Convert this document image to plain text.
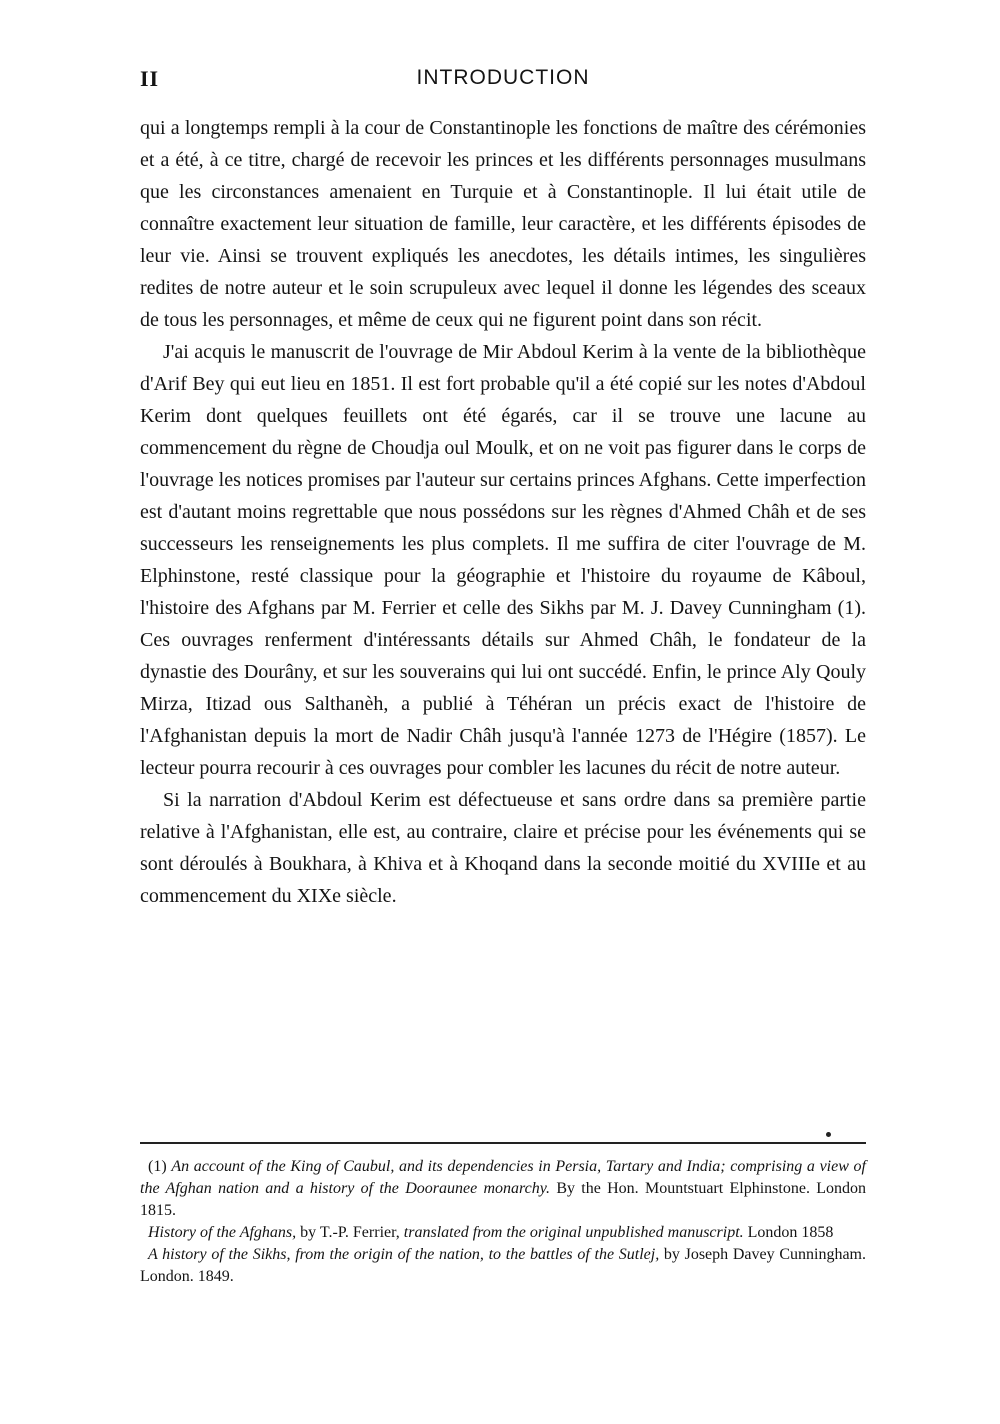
II	INTRODUCTION

qui a longtemps rempli à la cour de Constantinople les fonctions de maître des cérémonies et a été, à ce titre, chargé de recevoir les princes et les différents personnages musulmans que les circonstances amenaient en Turquie et à Constantinople. Il lui était utile de connaître exactement leur situation de famille, leur caractère, et les différents épisodes de leur vie. Ainsi se trouvent expliqués les anecdotes, les détails intimes, les singulières redites de notre auteur et le soin scrupuleux avec lequel il donne les légendes des sceaux de tous les personnages, et même de ceux qui ne figurent point dans son récit.

J'ai acquis le manuscrit de l'ouvrage de Mir Abdoul Kerim à la vente de la bibliothèque d'Arif Bey qui eut lieu en 1851. Il est fort probable qu'il a été copié sur les notes d'Abdoul Kerim dont quelques feuillets ont été égarés, car il se trouve une lacune au commencement du règne de Choudja oul Moulk, et on ne voit pas figurer dans le corps de l'ouvrage les notices promises par l'auteur sur certains princes Afghans. Cette imperfection est d'autant moins regrettable que nous possédons sur les règnes d'Ahmed Châh et de ses successeurs les renseignements les plus complets. Il me suffira de citer l'ouvrage de M. Elphinstone, resté classique pour la géographie et l'histoire du royaume de Kâboul, l'histoire des Afghans par M. Ferrier et celle des Sikhs par M. J. Davey Cunningham (1). Ces ouvrages renferment d'intéressants détails sur Ahmed Châh, le fondateur de la dynastie des Dourâny, et sur les souverains qui lui ont succédé. Enfin, le prince Aly Qouly Mirza, Itizad ous Salthanèh, a publié à Téhéran un précis exact de l'histoire de l'Afghanistan depuis la mort de Nadir Châh jusqu'à l'année 1273 de l'Hégire (1857). Le lecteur pourra recourir à ces ouvrages pour combler les lacunes du récit de notre auteur.

Si la narration d'Abdoul Kerim est défectueuse et sans ordre dans sa première partie relative à l'Afghanistan, elle est, au contraire, claire et précise pour les événements qui se sont déroulés à Boukhara, à Khiva et à Khoqand dans la seconde moitié du XVIIIe et au commencement du XIXe siècle.

(1) An account of the King of Caubul, and its dependencies in Persia, Tartary and India; comprising a view of the Afghan nation and a history of the Dooraunee monarchy. By the Hon. Mountstuart Elphinstone. London 1815.

History of the Afghans, by T.-P. Ferrier, translated from the original unpublished manuscript. London 1858

A history of the Sikhs, from the origin of the nation, to the battles of the Sutlej, by Joseph Davey Cunningham. London. 1849.
